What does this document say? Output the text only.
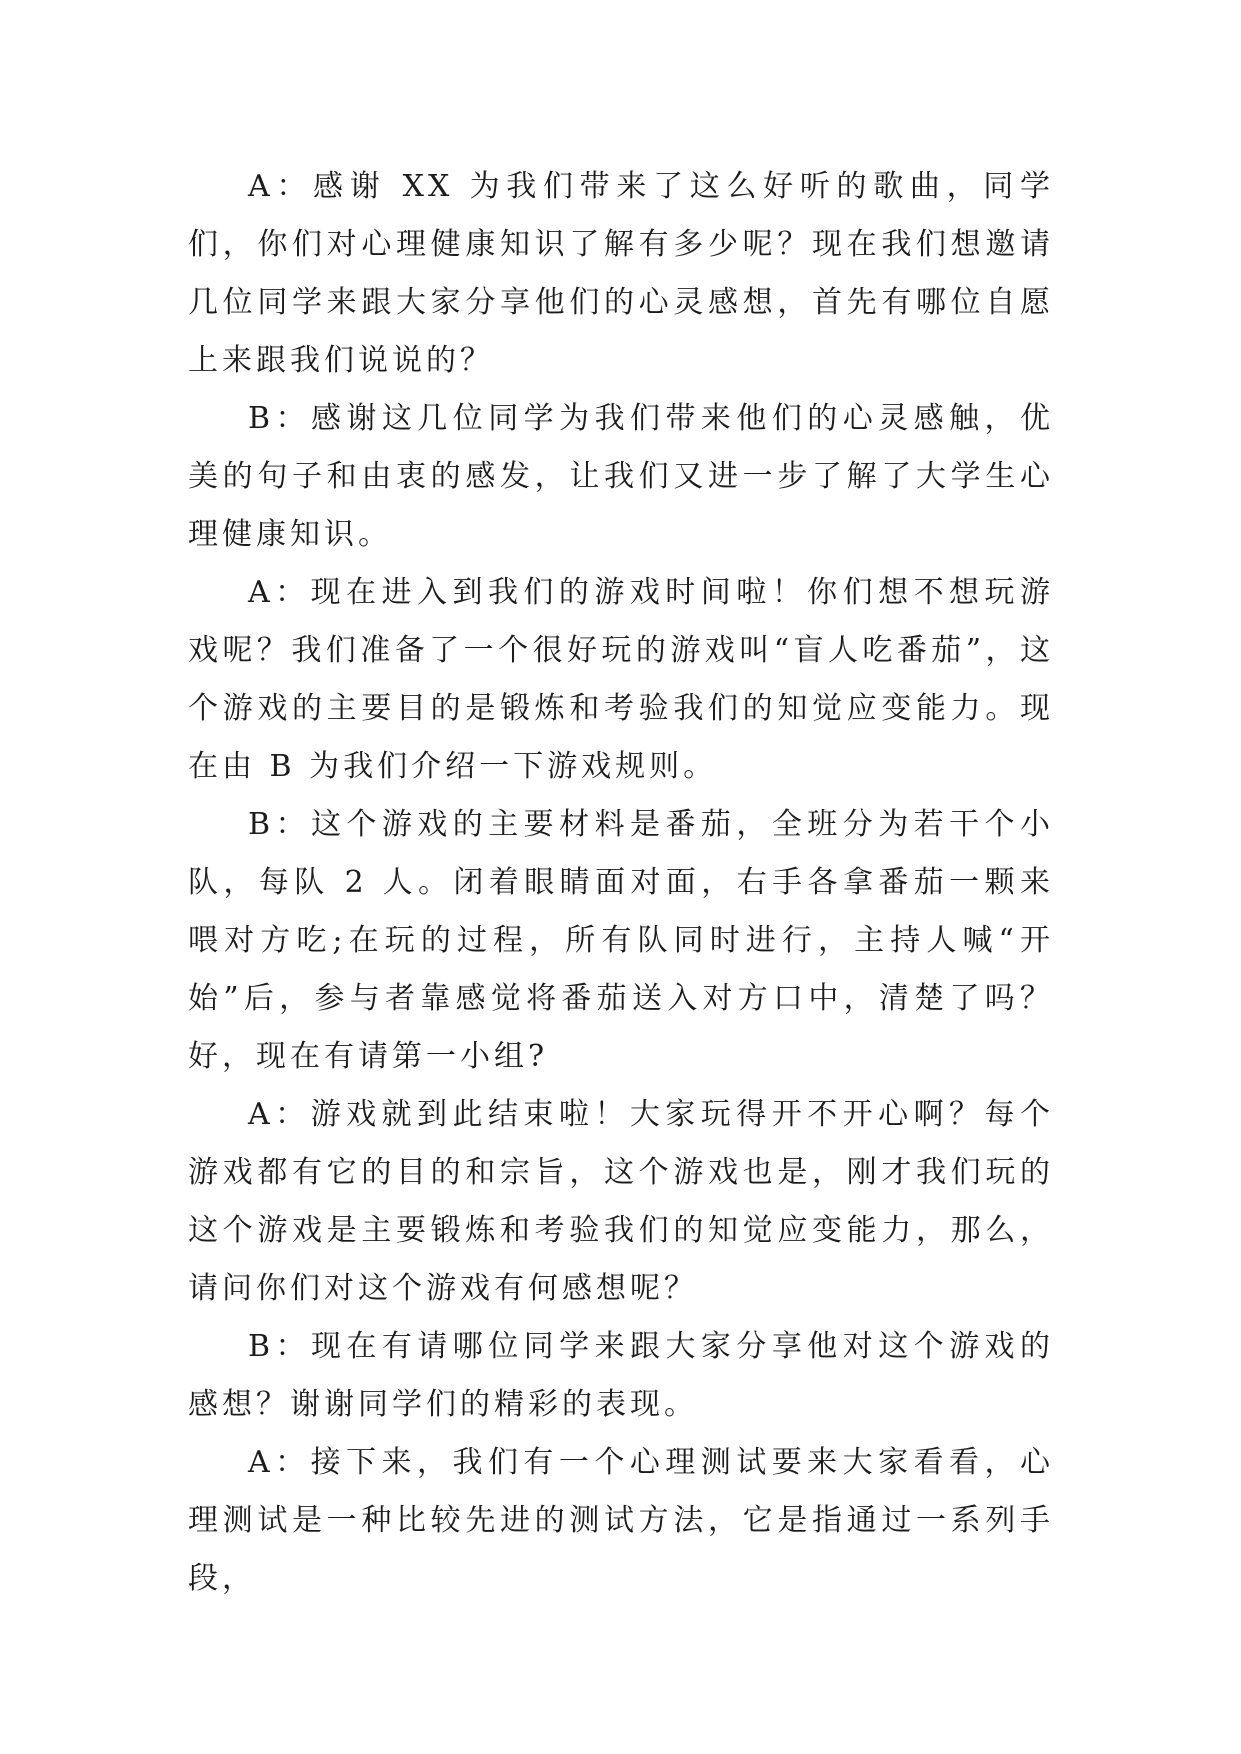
A：感谢 XX 为我们带来了这么好听的歌曲，同学们，你们对心理健康知识了解有多少呢？现在我们想邀请几位同学来跟大家分享他们的心灵感想，首先有哪位自愿上来跟我们说说的？

B：感谢这几位同学为我们带来他们的心灵感触，优美的句子和由衷的感发，让我们又进一步了解了大学生心理健康知识。

A：现在进入到我们的游戏时间啦！你们想不想玩游戏呢？我们准备了一个很好玩的游戏叫“盲人吃番茄”，这个游戏的主要目的是锻炼和考验我们的知觉应变能力。现在由 B 为我们介绍一下游戏规则。

B：这个游戏的主要材料是番茄，全班分为若干个小队，每队 2 人。闭着眼睛面对面，右手各拿番茄一颗来喂对方吃;在玩的过程，所有队同时进行，主持人喊“开始”后，参与者靠感觉将番茄送入对方口中，清楚了吗？好，现在有请第一小组?

A：游戏就到此结束啦！大家玩得开不开心啊？每个游戏都有它的目的和宗旨，这个游戏也是，刚才我们玩的这个游戏是主要锻炼和考验我们的知觉应变能力，那么，请问你们对这个游戏有何感想呢？

B：现在有请哪位同学来跟大家分享他对这个游戏的感想？谢谢同学们的精彩的表现。

A：接下来，我们有一个心理测试要来大家看看，心理测试是一种比较先进的测试方法，它是指通过一系列手段，
